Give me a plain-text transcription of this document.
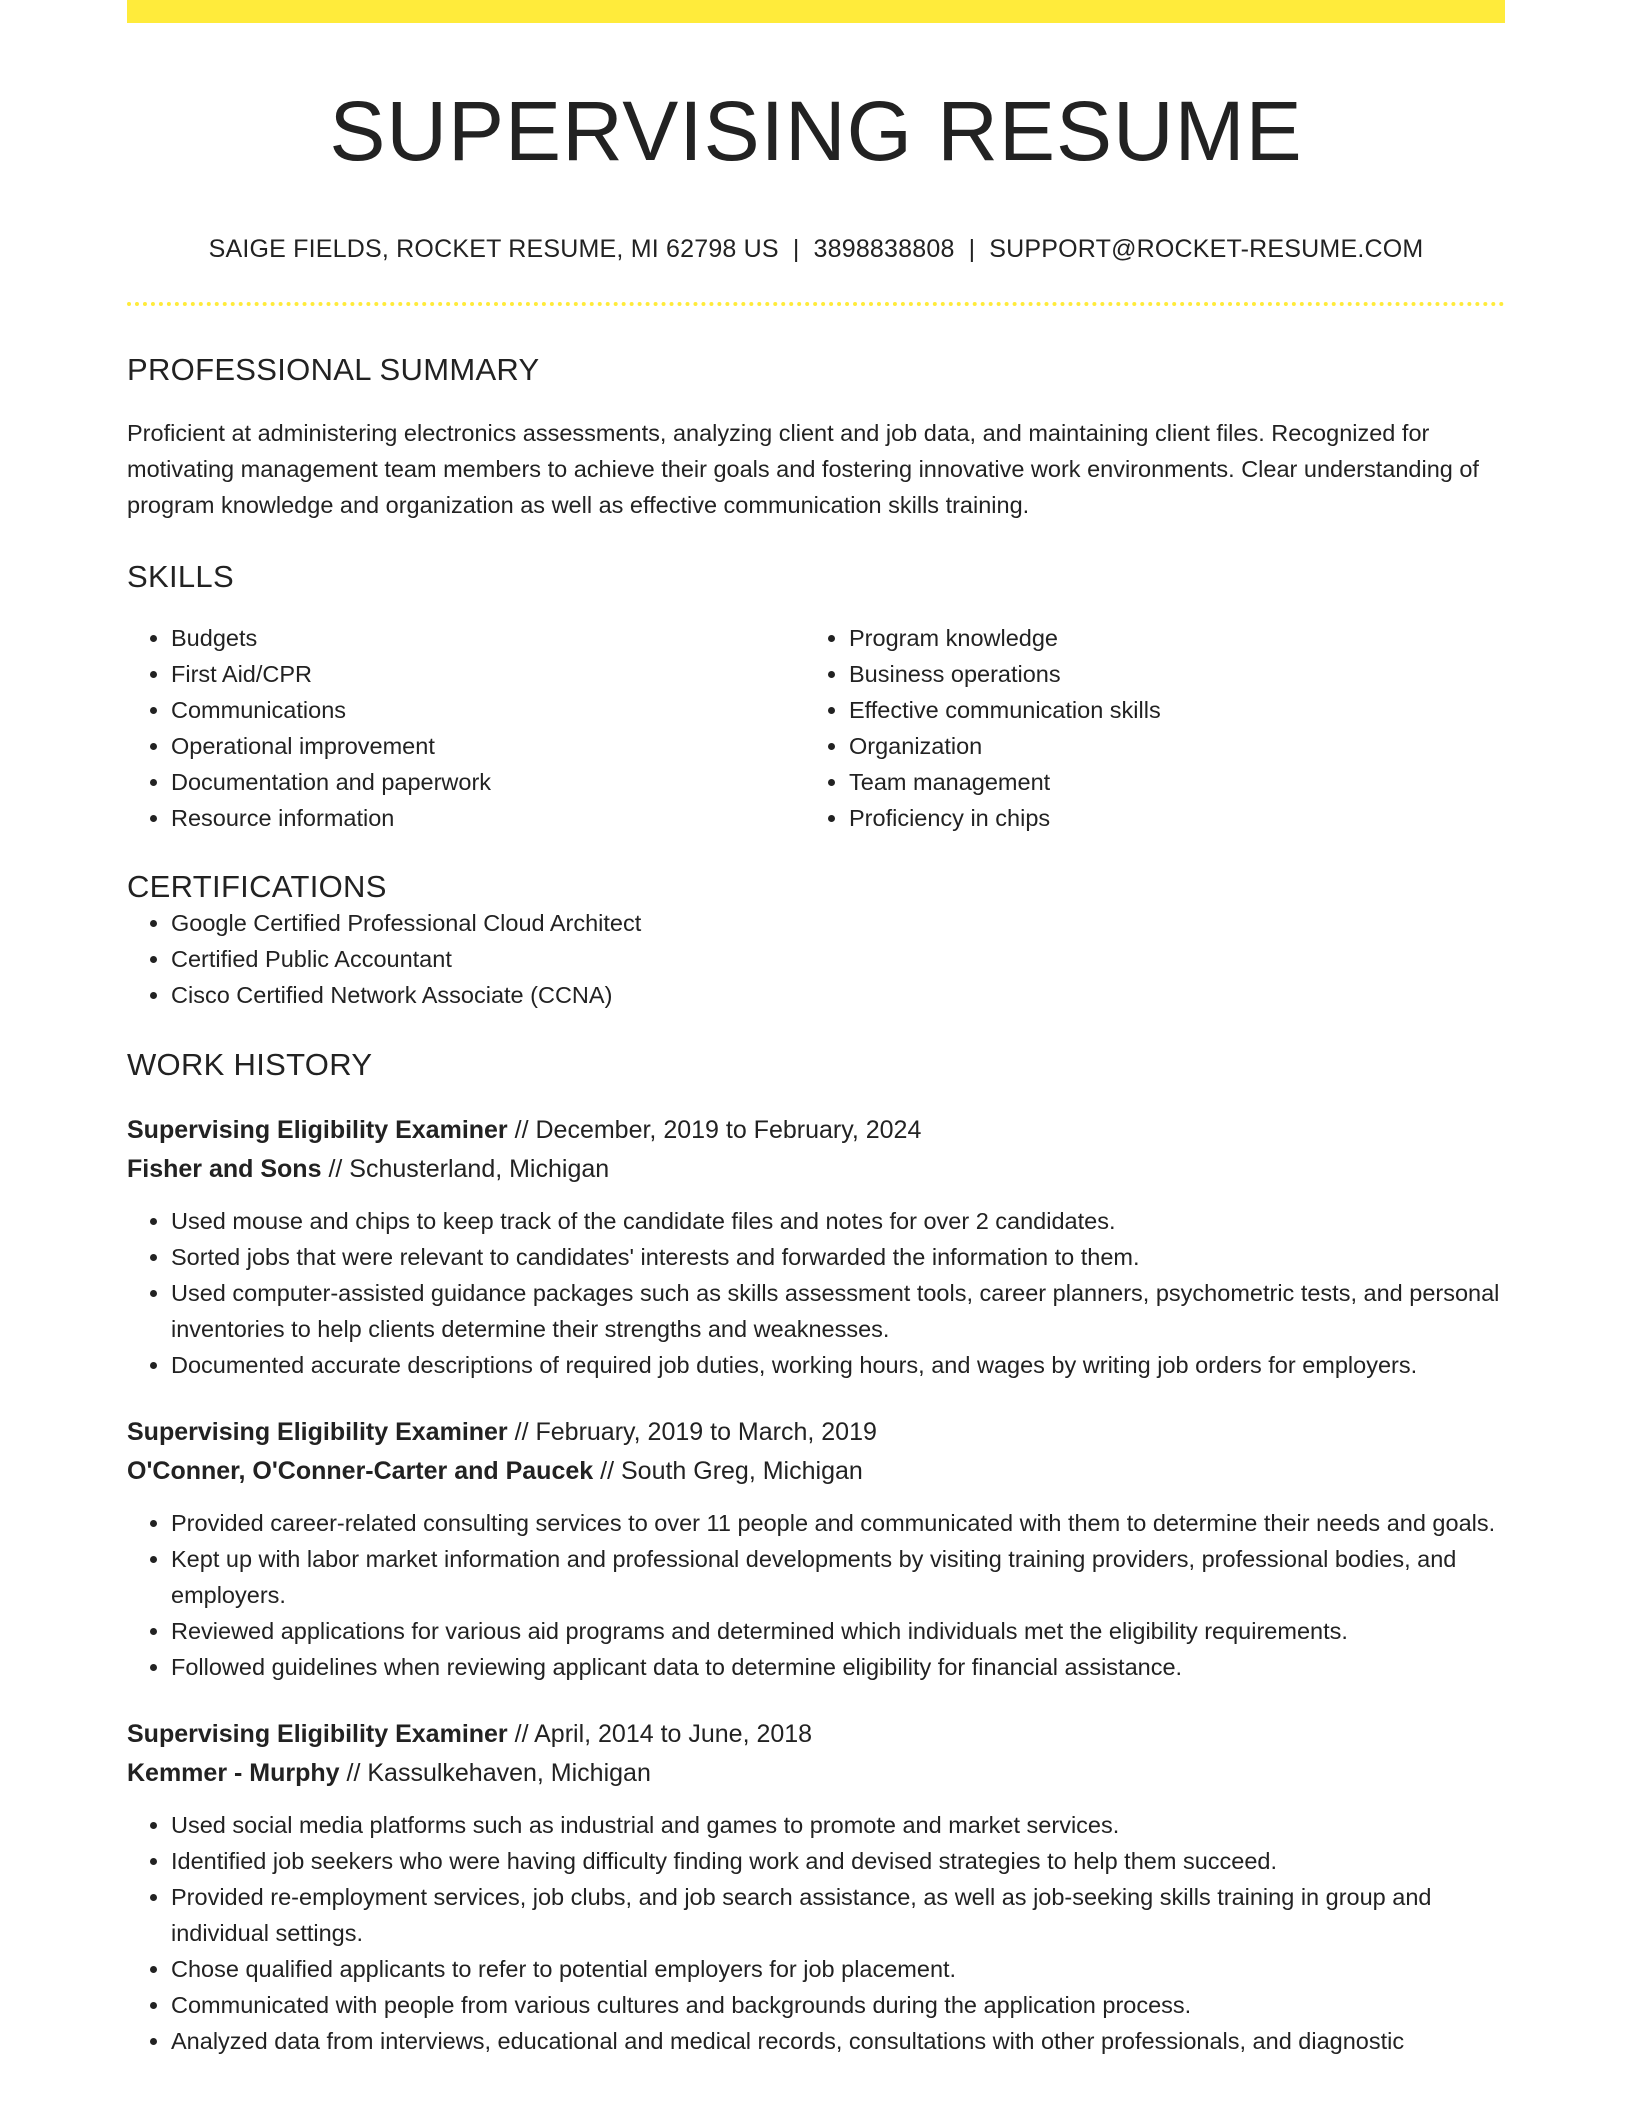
SUPERVISING RESUME
SAIGE FIELDS, ROCKET RESUME, MI 62798 US | 3898838808 | SUPPORT@ROCKET-RESUME.COM
PROFESSIONAL SUMMARY

Proficient at administering electronics assessments, analyzing client and job data, and maintaining client files. Recognized for motivating management team members to achieve their goals and fostering innovative work environments. Clear understanding of program knowledge and organization as well as effective communication skills training.

SKILLS
• Budgets
• First Aid/CPR
• Communications
• Operational improvement
• Documentation and paperwork
• Resource information
• Program knowledge
• Business operations
• Effective communication skills
• Organization
• Team management
• Proficiency in chips
CERTIFICATIONS
• Google Certified Professional Cloud Architect
• Certified Public Accountant
• Cisco Certified Network Associate (CCNA)
WORK HISTORY
Supervising Eligibility Examiner // December, 2019 to February, 2024
Fisher and Sons // Schusterland, Michigan
• Used mouse and chips to keep track of the candidate files and notes for over 2 candidates.
• Sorted jobs that were relevant to candidates' interests and forwarded the information to them.
• Used computer-assisted guidance packages such as skills assessment tools, career planners, psychometric tests, and personal inventories to help clients determine their strengths and weaknesses.
• Documented accurate descriptions of required job duties, working hours, and wages by writing job orders for employers.
Supervising Eligibility Examiner // February, 2019 to March, 2019
O'Conner, O'Conner-Carter and Paucek // South Greg, Michigan
• Provided career-related consulting services to over 11 people and communicated with them to determine their needs and goals.
• Kept up with labor market information and professional developments by visiting training providers, professional bodies, and employers.
• Reviewed applications for various aid programs and determined which individuals met the eligibility requirements.
• Followed guidelines when reviewing applicant data to determine eligibility for financial assistance.
Supervising Eligibility Examiner // April, 2014 to June, 2018
Kemmer - Murphy // Kassulkehaven, Michigan
• Used social media platforms such as industrial and games to promote and market services.
• Identified job seekers who were having difficulty finding work and devised strategies to help them succeed.
• Provided re-employment services, job clubs, and job search assistance, as well as job-seeking skills training in group and individual settings.
• Chose qualified applicants to refer to potential employers for job placement.
• Communicated with people from various cultures and backgrounds during the application process.
• Analyzed data from interviews, educational and medical records, consultations with other professionals, and diagnostic
